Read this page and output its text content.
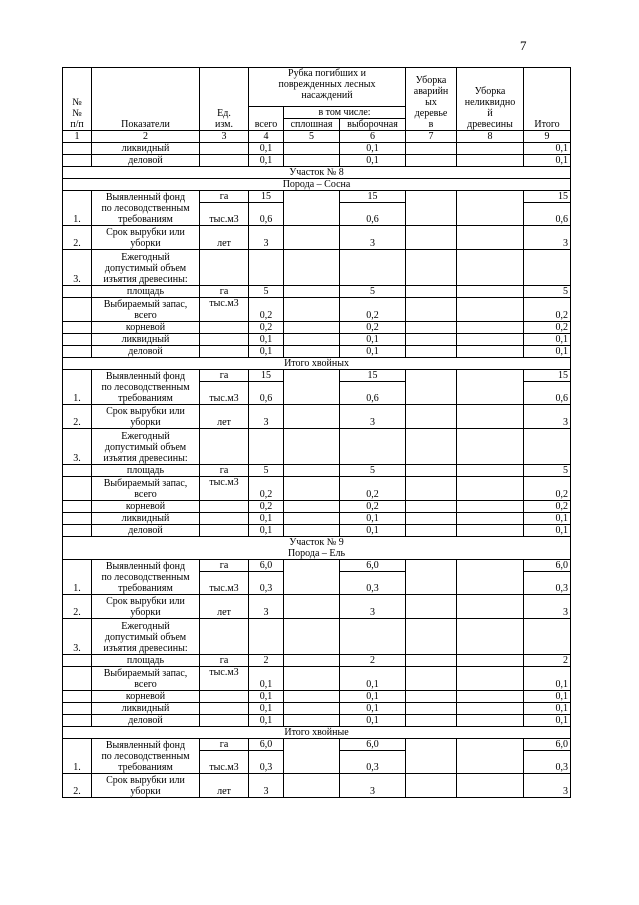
7
№
№
п/п	Показатели	Ед.
изм.	Рубка погибших и
поврежденных лесных
насаждений			Уборка
аварийн
ых
деревье
в	Уборка
неликвидно
й
древесины	Итого
			всего	в том числе:				
				сплошная	выборочная			
1	2	3	4	5	6	7	8	9
	ликвидный		0,1		0,1			0,1
	деловой		0,1		0,1			0,1
Участок № 8								
Порода – Сосна								
1.	Выявленный фонд
по лесоводственным
требованиям	га	15		15			15
		тыс.м3	0,6		0,6			0,6

2.	Срок вырубки или
уборки	лет	3		3			3
3.	Ежегодный
допустимый объем
изъятия древесины:							
	площадь	га	5		5			5
	Выбираемый запас,
всего	тыс.м3	0,2		0,2			0,2
	корневой		0,2		0,2			0,2
	ликвидный		0,1		0,1			0,1
	деловой		0,1		0,1			0,1
Итого хвойных								
1.	Выявленный фонд
по лесоводственным
требованиям	га	15		15			15
		тыс.м3	0,6		0,6			0,6

2.	Срок вырубки или
уборки	лет	3		3			3
3.	Ежегодный
допустимый объем
изъятия древесины:							
	площадь	га	5		5			5
	Выбираемый запас,
всего	тыс.м3	0,2		0,2			0,2
	корневой		0,2		0,2			0,2
	ликвидный		0,1		0,1			0,1
	деловой		0,1		0,1			0,1
Участок № 9
Порода – Ель								
1.	Выявленный фонд
по лесоводственным
требованиям	га	6,0		6,0			6,0
		тыс.м3	0,3		0,3			0,3

2.	Срок вырубки или
уборки	лет	3		3			3
3.	Ежегодный
допустимый объем
изъятия древесины:							
	площадь	га	2		2			2
	Выбираемый запас,
всего	тыс.м3	0,1		0,1			0,1
	корневой		0,1		0,1			0,1
	ликвидный		0,1		0,1			0,1
	деловой		0,1		0,1			0,1
Итого хвойные								
1.	Выявленный фонд
по лесоводственным
требованиям	га	6,0		6,0			6,0
		тыс.м3	0,3		0,3			0,3

2.	Срок вырубки или
уборки	лет	3		3			3
